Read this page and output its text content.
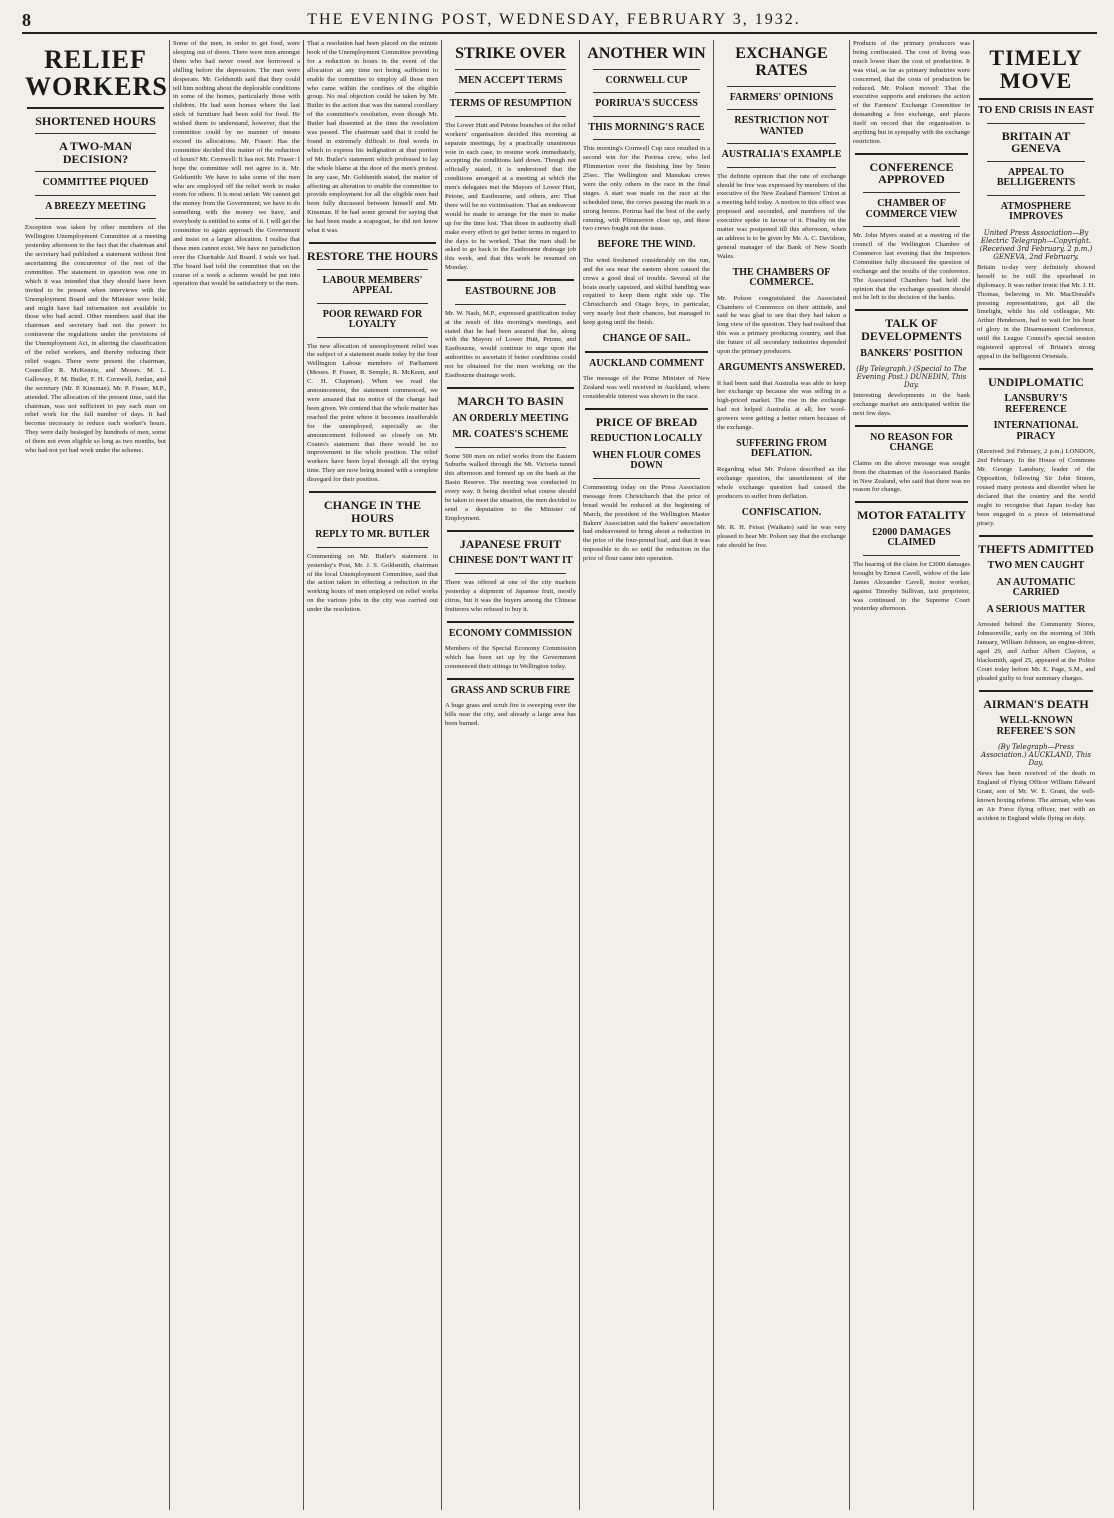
8	THE EVENING POST, WEDNESDAY, FEBRUARY 3, 1932.
RELIEF WORKERS
SHORTENED HOURS
A TWO-MAN DECISION?
COMMITTEE PIQUED
A BREEZY MEETING
Exception was taken by other members of the Wellington Unemployment Committee at a meeting yesterday afternoon to the fact that the chairman and the secretary had published a statement without first ascertaining the concurrence of the rest of the committee. The statement in question was one in which it was intended that they should have been invited to be present when interviews with the Unemployment Board and the Minister were held, and might have had information not available to those who had acted. Other members said that the chairman and secretary had not the power to contravene the regulations under the provisions of the Unemployment Act, in altering the classification of the relief workers, and thereby reducing their relief wages. There were present the chairman, Councillor R. McKenzie, and Messrs. M. L. Galloway, P. M. Butler, F. H. Cornwell, Jordan, and the secretary (Mr. P. Kinsman). Mr. P. Fraser, M.P., attended. The allocation of the present time, said the chairman, was not sufficient to pay each man on relief work for the full number of days. It had become necessary to reduce each worker's hours. They were daily besieged by hundreds of men, some of them not even eligible so long as two months, but who had not yet had work under the scheme.
Some of the men, in order to get food, were sleeping out of doors. There were men amongst them who had never owed nor borrowed a shilling before the depression. The men were desperate. Mr. Goldsmith said that they could tell him nothing about the deplorable conditions in some of the homes, particularly those with children. He had seen homes where the last stick of furniture had been sold for food. He wished them to understand, however, that the committee could by no manner of means exceed its allocations. Mr. Fraser: Has the committee decided this matter of the reduction of hours? Mr. Cornwell: It has not. Mr. Fraser: I hope the committee will not agree to it. Mr. Goldsmith: We have to take some of the men who are employed off the relief work to make room for others. It is most unfair. We cannot get the money from the Government; we have to do something with the money we have, and everybody is entitled to some of it. I will get the committee to again approach the Government and insist on a larger allocation. I realise that these men cannot exist. We have no jurisdiction over the Charitable Aid Board. I wish we had. The board had told the committee that on the course of a week a scheme would be put into operation that would be satisfactory to the men.
That a resolution had been placed on the minute book of the Unemployment Committee providing for a reduction in hours in the event of the allocation at any time not being sufficient to enable the committee to employ all those men who came within the confines of the eligible group. No real objection could be taken by Mr. Butler to the action that was the natural corollary of the committee's resolution, even though Mr. Butler had dissented at the time the resolution was passed. The chairman said that it could be found in extremely difficult to find words in which to express his indignation at that portion of Mr. Butler's statement which professed to lay the whole blame at the door of the men's protest. In any case, Mr. Goldsmith stated, the matter of affecting an alteration to enable the committee to provide employment for all the eligible men had been fully discussed between himself and Mr. Kinsman. If he had some ground for saying that he had been made a scapegoat, he did not know what it was.
RESTORE THE HOURS
LABOUR MEMBERS' APPEAL
POOR REWARD FOR LOYALTY
The new allocation of unemployment relief was the subject of a statement made today by the four Wellington Labour members of Parliament (Messrs. P. Fraser, R. Semple, R. McKeen, and C. H. Chapman). When we read the announcement, the statement commenced, we were amazed that no notice of the change had been given. We contend that the whole matter has reached the point where it becomes insufferable for the unemployed, especially as the announcement followed so closely on Mr. Coates's statement that there would be no improvement in the whole position. The relief workers have been loyal through all the trying time. They are now being treated with a complete disregard for their position.
CHANGE IN THE HOURS
REPLY TO MR. BUTLER
Commenting on Mr. Butler's statement in yesterday's Post, Mr. J. S. Goldsmith, chairman of the local Unemployment Committee, said that the action taken in effecting a reduction in the working hours of men employed on relief works on the various jobs in the city was carried out under the resolution.
STRIKE OVER
MEN ACCEPT TERMS
TERMS OF RESUMPTION
The Lower Hutt and Petone branches of the relief workers' organisation decided this morning at separate meetings, by a practically unanimous vote in each case, to resume work immediately, accepting the conditions laid down. Though not officially stated, it is understood that the conditions arranged at a meeting at which the men's delegates met the Mayors of Lower Hutt, Petone, and Eastbourne, and others, are: That there will be no victimisation. That an endeavour would be made to arrange for the men to make up for the time lost. That those in authority shall make every effort to get better terms in regard to the days to be worked. That the men shall be asked to go back to the Eastbourne drainage job this week, and that this work be resumed on Monday.
EASTBOURNE JOB
Mr. W. Nash, M.P., expressed gratification today at the result of this morning's meetings, and stated that he had been assured that he, along with the Mayors of Lower Hutt, Petone, and Eastbourne, would continue to urge upon the authorities to ascertain if better conditions could not be obtained for the men working on the Eastbourne drainage work.
MARCH TO BASIN
AN ORDERLY MEETING
MR. COATES'S SCHEME
Some 500 men on relief works from the Eastern Suburbs walked through the Mt. Victoria tunnel this afternoon and formed up on the bank at the Basin Reserve. The meeting was conducted in every way. It being decided what course should be taken to meet the situation, the men decided to send a deputation to the Minister of Employment.
JAPANESE FRUIT
CHINESE DON'T WANT IT
There was offered at one of the city markets yesterday a shipment of Japanese fruit, mostly citrus, but it was the buyers among the Chinese fruiterers who refused to buy it.
ECONOMY COMMISSION
Members of the Special Economy Commission which has been set up by the Government commenced their sittings in Wellington today.
GRASS AND SCRUB FIRE
A huge grass and scrub fire is sweeping over the hills near the city, and already a large area has been burned.
ANOTHER WIN
CORNWELL CUP
PORIRUA'S SUCCESS
THIS MORNING'S RACE
This morning's Cornwell Cup race resulted in a second win for the Porirua crew, who led Plimmerton over the finishing line by 5min 25sec. The Wellington and Manukau crews were the only others in the race in the final stages. A start was made on the race at the scheduled time, the crews passing the mark in a strong breeze. Porirua had the best of the early running, with Plimmerton close up, and these two crews fought out the issue.
BEFORE THE WIND.
The wind freshened considerably on the run, and the sea near the eastern shore caused the crews a good deal of trouble. Several of the boats nearly capsized, and skilful handling was required to keep them right side up. The Christchurch and Otago boys, in particular, very nearly lost their chances, but managed to keep going until the finish.
CHANGE OF SAIL.
AUCKLAND COMMENT
The message of the Prime Minister of New Zealand was well received in Auckland, where considerable interest was shown in the race.
PRICE OF BREAD
REDUCTION LOCALLY
WHEN FLOUR COMES DOWN
Commenting today on the Press Association message from Christchurch that the price of bread would be reduced at the beginning of March, the president of the Wellington Master Bakers' Association said the bakers' association had endeavoured to bring about a reduction in the price of the four-pound loaf, and that it was impossible to do so until the reduction in the price of flour came into operation.
EXCHANGE RATES
FARMERS' OPINIONS
RESTRICTION NOT WANTED
AUSTRALIA'S EXAMPLE
The definite opinion that the rate of exchange should be free was expressed by members of the executive of the New Zealand Farmers' Union at a meeting held today. A motion to this effect was proposed and seconded, and members of the executive spoke in favour of it. Finality on the matter was postponed till this afternoon, when an address is to be given by Mr. A. C. Davidson, general manager of the Bank of New South Wales.
THE CHAMBERS OF COMMERCE.
Mr. Polson congratulated the Associated Chambers of Commerce on their attitude, and said he was glad to see that they had taken a long view of the question. They had realised that this was a primary producing country, and that the future of all secondary industries depended upon the primary producers.
ARGUMENTS ANSWERED.
It had been said that Australia was able to keep her exchange up because she was selling in a high-priced market. The rise in the exchange had not helped Australia at all; her wool-growers were getting a better return because of the exchange.
SUFFERING FROM DEFLATION.
Regarding what Mr. Polson described as the exchange question, the unsettlement of the whole exchange question had caused the producers to suffer from deflation.
CONFISCATION.
Mr. R. H. Feisst (Waikato) said he was very pleased to hear Mr. Polson say that the exchange rate should be free.
Products of the primary producers was being confiscated. The cost of living was much lower than the cost of production. It was vital, as far as primary industries were concerned, that the costs of production be reduced. Mr. Polson moved: That the executive supports and endorses the action of the Farmers' Exchange Committee in demanding a free exchange, and places itself on record that the organisation is anything but in sympathy with the exchange restriction.
CONFERENCE APPROVED
CHAMBER OF COMMERCE VIEW
Mr. John Myers stated at a meeting of the council of the Wellington Chamber of Commerce last evening that the Importers Committee fully discussed the question of exchange and the results of the conference. The Associated Chambers had held the opinion that the exchange question should not be left to the decision of the banks.
TALK OF DEVELOPMENTS
BANKERS' POSITION
(By Telegraph.) (Special to The Evening Post.) DUNEDIN, This Day.
Interesting developments in the bank exchange market are anticipated within the next few days.
NO REASON FOR CHANGE
Claims on the above message was sought from the chairman of the Associated Banks in New Zealand, who said that there was no reason for change.
MOTOR FATALITY
£2000 DAMAGES CLAIMED
The hearing of the claim for £2000 damages brought by Ernest Cavell, widow of the late James Alexander Cavell, motor worker, against Timothy Sullivan, taxi proprietor, was continued in the Supreme Court yesterday afternoon.
TIMELY MOVE
TO END CRISIS IN EAST
BRITAIN AT GENEVA
APPEAL TO BELLIGERENTS
ATMOSPHERE IMPROVES
United Press Association—By Electric Telegraph—Copyright. (Received 3rd February, 2 p.m.) GENEVA, 2nd February.
Britain to-day very definitely showed herself to be still the spearhead in diplomacy. It was rather ironic that Mr. J. H. Thomas, believing in Mr. MacDonald's pressing representations, got all the limelight, while his old colleague, Mr. Arthur Henderson, had to wait for his hour of glory in the Disarmament Conference, until the League Council's special session registered approval of Britain's strong appeal to the belligerent Orientals.
UNDIPLOMATIC
LANSBURY'S REFERENCE
INTERNATIONAL PIRACY
(Received 3rd February, 2 p.m.) LONDON, 2nd February. In the House of Commons Mr. George Lansbury, leader of the Opposition, following Sir John Simon, roused many protests and disorder when he declared that the country and the world ought to recognise that Japan to-day has been engaged in a piece of international piracy.
THEFTS ADMITTED
TWO MEN CAUGHT
AN AUTOMATIC CARRIED
A SERIOUS MATTER
Arrested behind the Community Stores, Johnsonville, early on the morning of 30th January, William Johnson, an engine-driver, aged 29, and Arthur Albert Clayton, a blacksmith, aged 25, appeared at the Police Court today before Mr. E. Page, S.M., and pleaded guilty to four summary charges.
AIRMAN'S DEATH
WELL-KNOWN REFEREE'S SON
(By Telegraph—Press Association.) AUCKLAND, This Day.
News has been received of the death in England of Flying Officer William Edward Grant, son of Mr. W. E. Grant, the well-known boxing referee. The airman, who was an Air Force flying officer, met with an accident in England while flying on duty.
